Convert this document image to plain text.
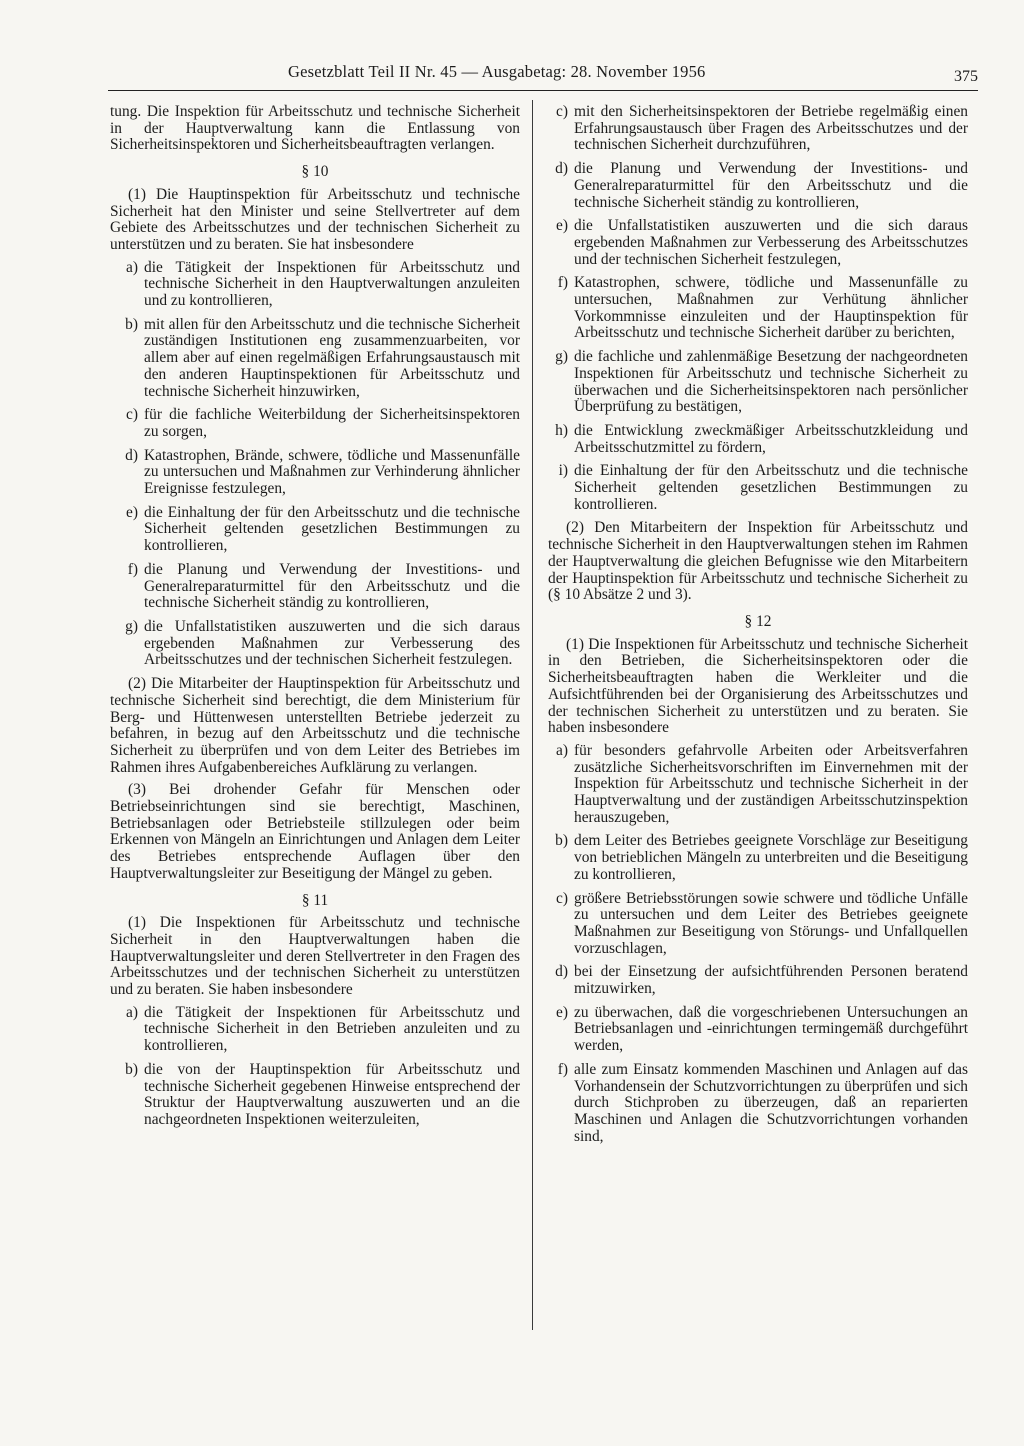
Gesetzblatt Teil II Nr. 45 — Ausgabetag: 28. November 1956	375

tung. Die Inspektion für Arbeitsschutz und technische Sicherheit in der Hauptverwaltung kann die Entlassung von Sicherheitsinspektoren und Sicherheitsbeauftragten verlangen.

§ 10

(1) Die Hauptinspektion für Arbeitsschutz und technische Sicherheit hat den Minister und seine Stellvertreter auf dem Gebiete des Arbeitsschutzes und der technischen Sicherheit zu unterstützen und zu beraten. Sie hat insbesondere

a) die Tätigkeit der Inspektionen für Arbeitsschutz und technische Sicherheit in den Hauptverwaltungen anzuleiten und zu kontrollieren,
b) mit allen für den Arbeitsschutz und die technische Sicherheit zuständigen Institutionen eng zusammenzuarbeiten, vor allem aber auf einen regelmäßigen Erfahrungsaustausch mit den anderen Hauptinspektionen für Arbeitsschutz und technische Sicherheit hinzuwirken,
c) für die fachliche Weiterbildung der Sicherheitsinspektoren zu sorgen,
d) Katastrophen, Brände, schwere, tödliche und Massenunfälle zu untersuchen und Maßnahmen zur Verhinderung ähnlicher Ereignisse festzulegen,
e) die Einhaltung der für den Arbeitsschutz und die technische Sicherheit geltenden gesetzlichen Bestimmungen zu kontrollieren,
f) die Planung und Verwendung der Investitions- und Generalreparaturmittel für den Arbeitsschutz und die technische Sicherheit ständig zu kontrollieren,
g) die Unfallstatistiken auszuwerten und die sich daraus ergebenden Maßnahmen zur Verbesserung des Arbeitsschutzes und der technischen Sicherheit festzulegen.

(2) Die Mitarbeiter der Hauptinspektion für Arbeitsschutz und technische Sicherheit sind berechtigt, die dem Ministerium für Berg- und Hüttenwesen unterstellten Betriebe jederzeit zu befahren, in bezug auf den Arbeitsschutz und die technische Sicherheit zu überprüfen und von dem Leiter des Betriebes im Rahmen ihres Aufgabenbereiches Aufklärung zu verlangen.

(3) Bei drohender Gefahr für Menschen oder Betriebseinrichtungen sind sie berechtigt, Maschinen, Betriebsanlagen oder Betriebsteile stillzulegen oder beim Erkennen von Mängeln an Einrichtungen und Anlagen dem Leiter des Betriebes entsprechende Auflagen über den Hauptverwaltungsleiter zur Beseitigung der Mängel zu geben.

§ 11

(1) Die Inspektionen für Arbeitsschutz und technische Sicherheit in den Hauptverwaltungen haben die Hauptverwaltungsleiter und deren Stellvertreter in den Fragen des Arbeitsschutzes und der technischen Sicherheit zu unterstützen und zu beraten. Sie haben insbesondere

a) die Tätigkeit der Inspektionen für Arbeitsschutz und technische Sicherheit in den Betrieben anzuleiten und zu kontrollieren,
b) die von der Hauptinspektion für Arbeitsschutz und technische Sicherheit gegebenen Hinweise entsprechend der Struktur der Hauptverwaltung auszuwerten und an die nachgeordneten Inspektionen weiterzuleiten,
c) mit den Sicherheitsinspektoren der Betriebe regelmäßig einen Erfahrungsaustausch über Fragen des Arbeitsschutzes und der technischen Sicherheit durchzuführen,
d) die Planung und Verwendung der Investitions- und Generalreparaturmittel für den Arbeitsschutz und die technische Sicherheit ständig zu kontrollieren,
e) die Unfallstatistiken auszuwerten und die sich daraus ergebenden Maßnahmen zur Verbesserung des Arbeitsschutzes und der technischen Sicherheit festzulegen,
f) Katastrophen, schwere, tödliche und Massenunfälle zu untersuchen, Maßnahmen zur Verhütung ähnlicher Vorkommnisse einzuleiten und der Hauptinspektion für Arbeitsschutz und technische Sicherheit darüber zu berichten,
g) die fachliche und zahlenmäßige Besetzung der nachgeordneten Inspektionen für Arbeitsschutz und technische Sicherheit zu überwachen und die Sicherheitsinspektoren nach persönlicher Überprüfung zu bestätigen,
h) die Entwicklung zweckmäßiger Arbeitsschutzkleidung und Arbeitsschutzmittel zu fördern,
i) die Einhaltung der für den Arbeitsschutz und die technische Sicherheit geltenden gesetzlichen Bestimmungen zu kontrollieren.

(2) Den Mitarbeitern der Inspektion für Arbeitsschutz und technische Sicherheit in den Hauptverwaltungen stehen im Rahmen der Hauptverwaltung die gleichen Befugnisse wie den Mitarbeitern der Hauptinspektion für Arbeitsschutz und technische Sicherheit zu (§ 10 Absätze 2 und 3).

§ 12

(1) Die Inspektionen für Arbeitsschutz und technische Sicherheit in den Betrieben, die Sicherheitsinspektoren oder die Sicherheitsbeauftragten haben die Werkleiter und die Aufsichtführenden bei der Organisierung des Arbeitsschutzes und der technischen Sicherheit zu unterstützen und zu beraten. Sie haben insbesondere

a) für besonders gefahrvolle Arbeiten oder Arbeitsverfahren zusätzliche Sicherheitsvorschriften im Einvernehmen mit der Inspektion für Arbeitsschutz und technische Sicherheit in der Hauptverwaltung und der zuständigen Arbeitsschutzinspektion herauszugeben,
b) dem Leiter des Betriebes geeignete Vorschläge zur Beseitigung von betrieblichen Mängeln zu unterbreiten und die Beseitigung zu kontrollieren,
c) größere Betriebsstörungen sowie schwere und tödliche Unfälle zu untersuchen und dem Leiter des Betriebes geeignete Maßnahmen zur Beseitigung von Störungs- und Unfallquellen vorzuschlagen,
d) bei der Einsetzung der aufsichtführenden Personen beratend mitzuwirken,
e) zu überwachen, daß die vorgeschriebenen Untersuchungen an Betriebsanlagen und -einrichtungen termingemäß durchgeführt werden,
f) alle zum Einsatz kommenden Maschinen und Anlagen auf das Vorhandensein der Schutzvorrichtungen zu überprüfen und sich durch Stichproben zu überzeugen, daß an reparierten Maschinen und Anlagen die Schutzvorrichtungen vorhanden sind,
